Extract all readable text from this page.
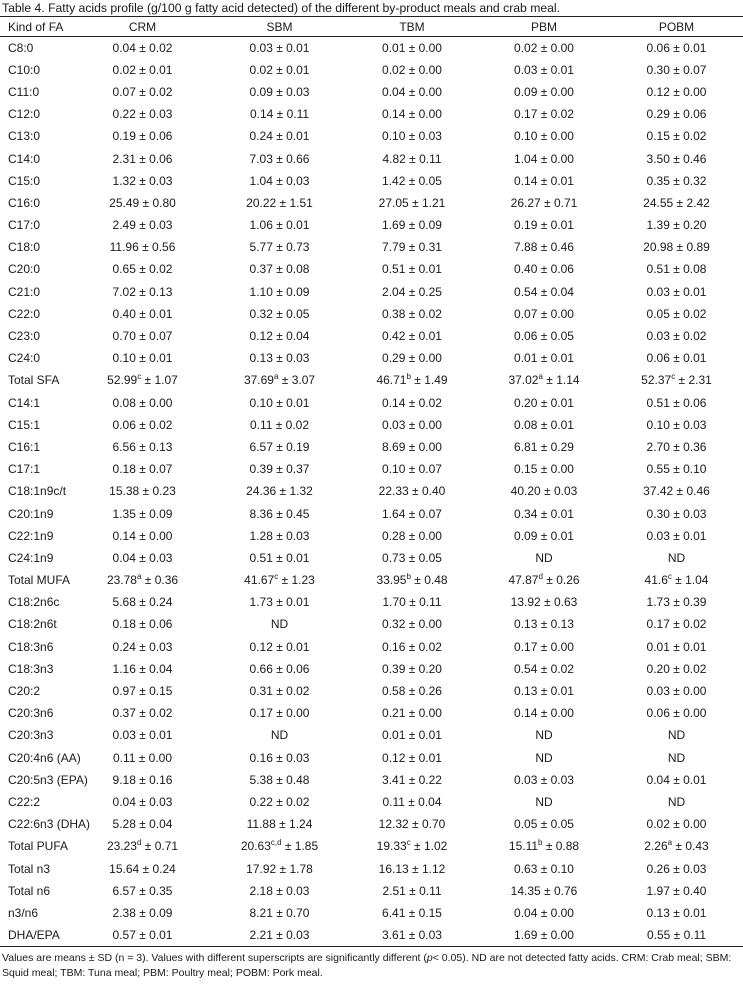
Table 4. Fatty acids profile (g/100 g fatty acid detected) of the different by-product meals and crab meal.
Kind of FA	CRM	SBM	TBM	PBM	POBM
C8:0	0.04 ± 0.02	0.03 ± 0.01	0.01 ± 0.00	0.02 ± 0.00	0.06 ± 0.01
C10:0	0.02 ± 0.01	0.02 ± 0.01	0.02 ± 0.00	0.03 ± 0.01	0.30 ± 0.07
C11:0	0.07 ± 0.02	0.09 ± 0.03	0.04 ± 0.00	0.09 ± 0.00	0.12 ± 0.00
C12:0	0.22 ± 0.03	0.14 ± 0.11	0.14 ± 0.00	0.17 ± 0.02	0.29 ± 0.06
C13:0	0.19 ± 0.06	0.24 ± 0.01	0.10 ± 0.03	0.10 ± 0.00	0.15 ± 0.02
C14:0	2.31 ± 0.06	7.03 ± 0.66	4.82 ± 0.11	1.04 ± 0.00	3.50 ± 0.46
C15:0	1.32 ± 0.03	1.04 ± 0.03	1.42 ± 0.05	0.14 ± 0.01	0.35 ± 0.32
C16:0	25.49 ± 0.80	20.22 ± 1.51	27.05 ± 1.21	26.27 ± 0.71	24.55 ± 2.42
C17:0	2.49 ± 0.03	1.06 ± 0.01	1.69 ± 0.09	0.19 ± 0.01	1.39 ± 0.20
C18:0	11.96 ± 0.56	5.77 ± 0.73	7.79 ± 0.31	7.88 ± 0.46	20.98 ± 0.89
C20:0	0.65 ± 0.02	0.37 ± 0.08	0.51 ± 0.01	0.40 ± 0.06	0.51 ± 0.08
C21:0	7.02 ± 0.13	1.10 ± 0.09	2.04 ± 0.25	0.54 ± 0.04	0.03 ± 0.01
C22:0	0.40 ± 0.01	0.32 ± 0.05	0.38 ± 0.02	0.07 ± 0.00	0.05 ± 0.02
C23:0	0.70 ± 0.07	0.12 ± 0.04	0.42 ± 0.01	0.06 ± 0.05	0.03 ± 0.02
C24:0	0.10 ± 0.01	0.13 ± 0.03	0.29 ± 0.00	0.01 ± 0.01	0.06 ± 0.01
Total SFA	52.99$^c$ ± 1.07	37.69$^a$ ± 3.07	46.71$^b$ ± 1.49	37.02$^a$ ± 1.14	52.37$^c$ ± 2.31
C14:1	0.08 ± 0.00	0.10 ± 0.01	0.14 ± 0.02	0.20 ± 0.01	0.51 ± 0.06
C15:1	0.06 ± 0.02	0.11 ± 0.02	0.03 ± 0.00	0.08 ± 0.01	0.10 ± 0.03
C16:1	6.56 ± 0.13	6.57 ± 0.19	8.69 ± 0.00	6.81 ± 0.29	2.70 ± 0.36
C17:1	0.18 ± 0.07	0.39 ± 0.37	0.10 ± 0.07	0.15 ± 0.00	0.55 ± 0.10
C18:1n9c/t	15.38 ± 0.23	24.36 ± 1.32	22.33 ± 0.40	40.20 ± 0.03	37.42 ± 0.46
C20:1n9	1.35 ± 0.09	8.36 ± 0.45	1.64 ± 0.07	0.34 ± 0.01	0.30 ± 0.03
C22:1n9	0.14 ± 0.00	1.28 ± 0.03	0.28 ± 0.00	0.09 ± 0.01	0.03 ± 0.01
C24:1n9	0.04 ± 0.03	0.51 ± 0.01	0.73 ± 0.05	ND	ND
Total MUFA	23.78$^a$ ± 0.36	41.67$^c$ ± 1.23	33.95$^b$ ± 0.48	47.87$^d$ ± 0.26	41.6$^c$ ± 1.04
C18:2n6c	5.68 ± 0.24	1.73 ± 0.01	1.70 ± 0.11	13.92 ± 0.63	1.73 ± 0.39
C18:2n6t	0.18 ± 0.06	ND	0.32 ± 0.00	0.13 ± 0.13	0.17 ± 0.02
C18:3n6	0.24 ± 0.03	0.12 ± 0.01	0.16 ± 0.02	0.17 ± 0.00	0.01 ± 0.01
C18:3n3	1.16 ± 0.04	0.66 ± 0.06	0.39 ± 0.20	0.54 ± 0.02	0.20 ± 0.02
C20:2	0.97 ± 0.15	0.31 ± 0.02	0.58 ± 0.26	0.13 ± 0.01	0.03 ± 0.00
C20:3n6	0.37 ± 0.02	0.17 ± 0.00	0.21 ± 0.00	0.14 ± 0.00	0.06 ± 0.00
C20:3n3	0.03 ± 0.01	ND	0.01 ± 0.01	ND	ND
C20:4n6 (AA)	0.11 ± 0.00	0.16 ± 0.03	0.12 ± 0.01	ND	ND
C20:5n3 (EPA)	9.18 ± 0.16	5.38 ± 0.48	3.41 ± 0.22	0.03 ± 0.03	0.04 ± 0.01
C22:2	0.04 ± 0.03	0.22 ± 0.02	0.11 ± 0.04	ND	ND
C22:6n3 (DHA)	5.28 ± 0.04	11.88 ± 1.24	12.32 ± 0.70	0.05 ± 0.05	0.02 ± 0.00
Total PUFA	23.23$^d$ ± 0.71	$20.63^{c,d} \pm 1.85$	19.33$^c$ ± 1.02	15.11$^b$ ± 0.88	2.26$^a$ ± 0.43
Total n3	15.64 ± 0.24	17.92 ± 1.78	16.13 ± 1.12	0.63 ± 0.10	0.26 ± 0.03
Total n6	6.57 ± 0.35	2.18 ± 0.03	2.51 ± 0.11	14.35 ± 0.76	1.97 ± 0.40
n3/n6	2.38 ± 0.09	8.21 ± 0.70	6.41 ± 0.15	0.04 ± 0.00	0.13 ± 0.01
DHA/EPA	0.57 ± 0.01	2.21 ± 0.03	3.61 ± 0.03	1.69 ± 0.00	0.55 ± 0.11
Values are means ± SD (n = 3). Values with different superscripts are significantly different (p< 0.05). ND are not detected fatty acids. CRM: Crab meal; SBM: Squid meal; TBM: Tuna meal; PBM: Poultry meal; POBM: Pork meal.
